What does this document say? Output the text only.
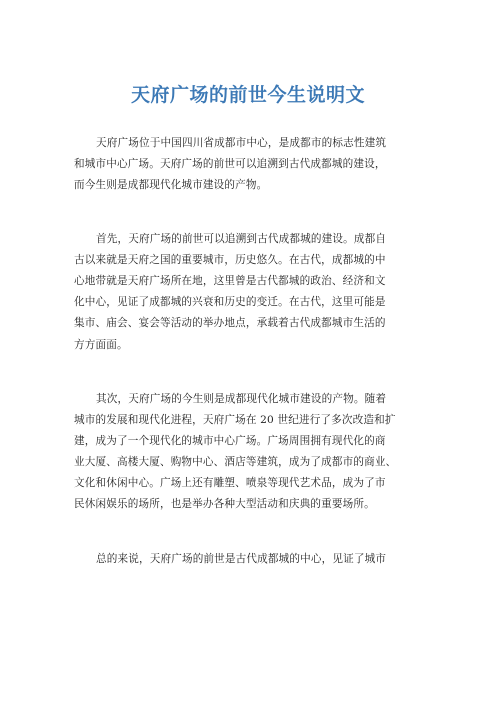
天府广场的前世今生说明文
天府广场位于中国四川省成都市中心，是成都市的标志性建筑
和城市中心广场。天府广场的前世可以追溯到古代成都城的建设，
而今生则是成都现代化城市建设的产物。
首先，天府广场的前世可以追溯到古代成都城的建设。成都自
古以来就是天府之国的重要城市，历史悠久。在古代，成都城的中
心地带就是天府广场所在地，这里曾是古代都城的政治、经济和文
化中心，见证了成都城的兴衰和历史的变迁。在古代，这里可能是
集市、庙会、宴会等活动的举办地点，承载着古代成都城市生活的
方方面面。
其次，天府广场的今生则是成都现代化城市建设的产物。随着
城市的发展和现代化进程，天府广场在 20 世纪进行了多次改造和扩
建，成为了一个现代化的城市中心广场。广场周围拥有现代化的商
业大厦、高楼大厦、购物中心、酒店等建筑，成为了成都市的商业、
文化和休闲中心。广场上还有雕塑、喷泉等现代艺术品，成为了市
民休闲娱乐的场所，也是举办各种大型活动和庆典的重要场所。
总的来说，天府广场的前世是古代成都城的中心，见证了城市
